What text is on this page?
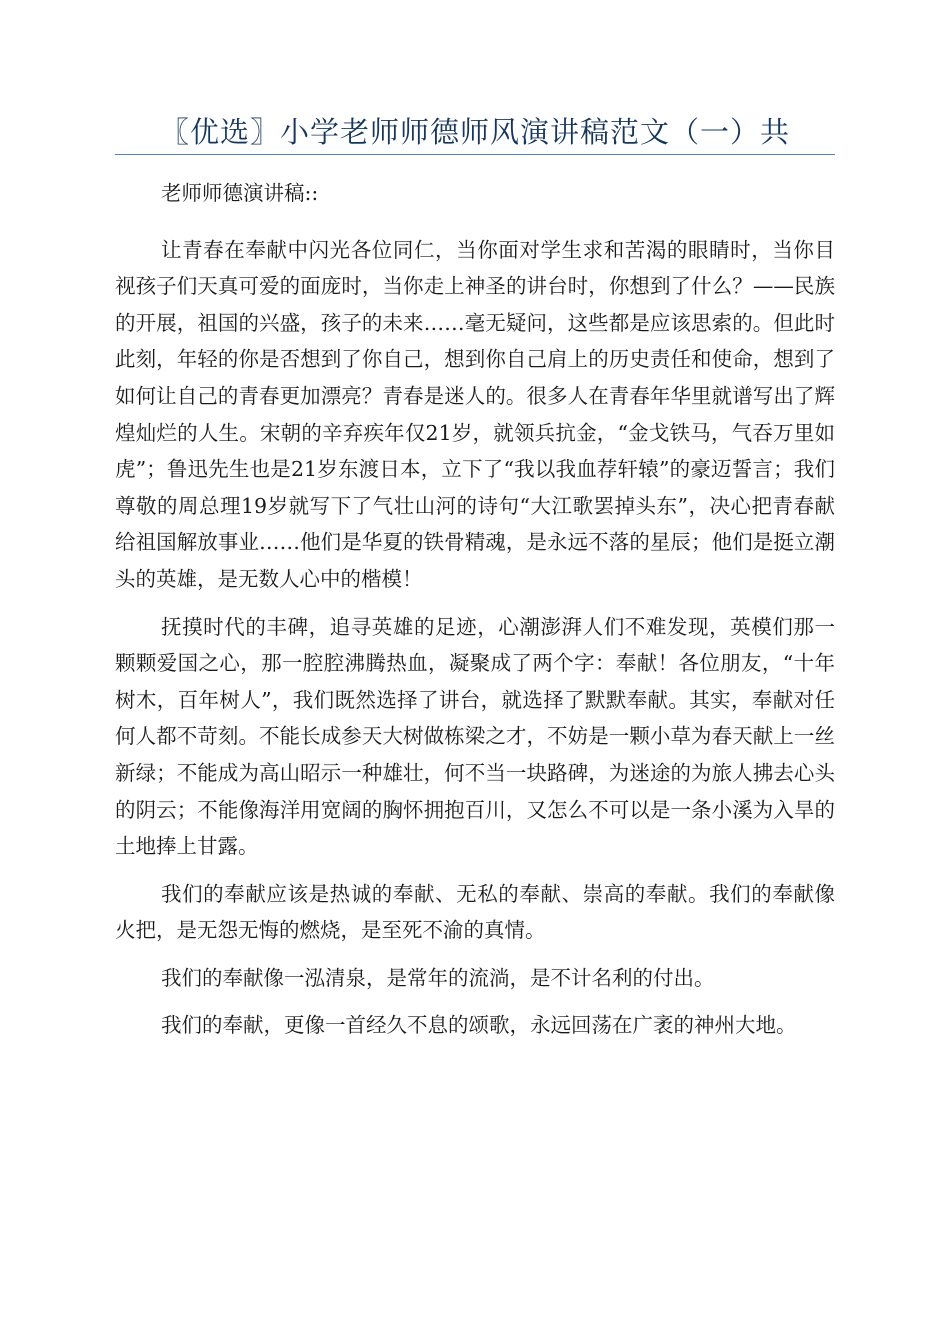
〖优选〗小学老师师德师风演讲稿范文（一）共

老师师德演讲稿::

让青春在奉献中闪光各位同仁，当你面对学生求和苦渴的眼睛时，当你目视孩子们天真可爱的面庞时，当你走上神圣的讲台时，你想到了什么？——民族的开展，祖国的兴盛，孩子的未来……毫无疑问，这些都是应该思索的。但此时此刻，年轻的你是否想到了你自己，想到你自己肩上的历史责任和使命，想到了如何让自己的青春更加漂亮？青春是迷人的。很多人在青春年华里就谱写出了辉煌灿烂的人生。宋朝的辛弃疾年仅21岁，就领兵抗金，“金戈铁马，气吞万里如虎”；鲁迅先生也是21岁东渡日本，立下了“我以我血荐轩辕”的豪迈誓言；我们尊敬的周总理19岁就写下了气壮山河的诗句“大江歌罢掉头东”，决心把青春献给祖国解放事业……他们是华夏的铁骨精魂，是永远不落的星辰；他们是挺立潮头的英雄，是无数人心中的楷模！

抚摸时代的丰碑，追寻英雄的足迹，心潮澎湃人们不难发现，英模们那一颗颗爱国之心，那一腔腔沸腾热血，凝聚成了两个字：奉献！各位朋友，“十年树木，百年树人”，我们既然选择了讲台，就选择了默默奉献。其实，奉献对任何人都不苛刻。不能长成参天大树做栋梁之才，不妨是一颗小草为春天献上一丝新绿；不能成为高山昭示一种雄壮，何不当一块路碑，为迷途的为旅人拂去心头的阴云；不能像海洋用宽阔的胸怀拥抱百川，又怎么不可以是一条小溪为入旱的土地捧上甘露。

我们的奉献应该是热诚的奉献、无私的奉献、崇高的奉献。我们的奉献像火把，是无怨无悔的燃烧，是至死不渝的真情。

我们的奉献像一泓清泉，是常年的流淌，是不计名利的付出。

我们的奉献，更像一首经久不息的颂歌，永远回荡在广袤的神州大地。
